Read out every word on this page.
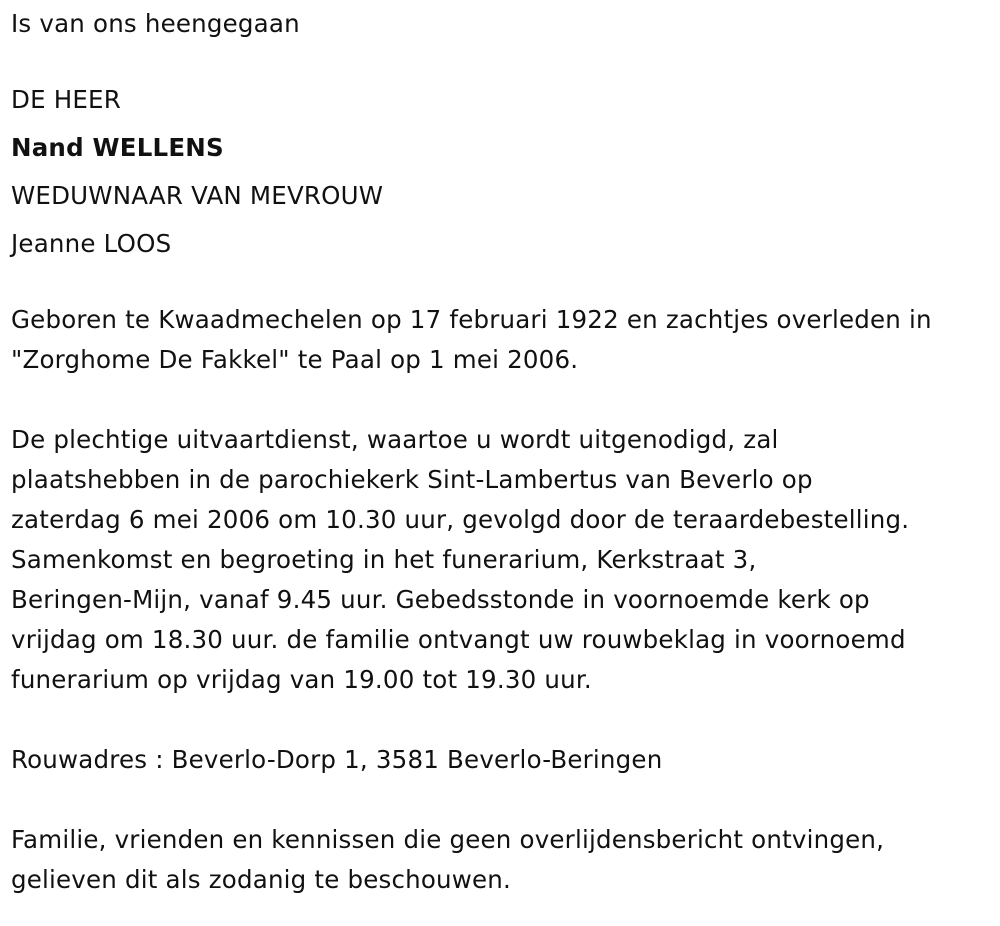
Is van ons heengegaan

DE HEER

Nand WELLENS

WEDUWNAAR VAN MEVROUW

Jeanne LOOS

Geboren te Kwaadmechelen op 17 februari 1922 en zachtjes overleden in

"Zorghome De Fakkel" te Paal op 1 mei 2006.

De plechtige uitvaartdienst, waartoe u wordt uitgenodigd, zal

plaatshebben in de parochiekerk Sint-Lambertus van Beverlo op

zaterdag 6 mei 2006 om 10.30 uur, gevolgd door de teraardebestelling.

Samenkomst en begroeting in het funerarium, Kerkstraat 3,

Beringen-Mijn, vanaf 9.45 uur. Gebedsstonde in voornoemde kerk op

vrijdag om 18.30 uur. de familie ontvangt uw rouwbeklag in voornoemd

funerarium op vrijdag van 19.00 tot 19.30 uur.

Rouwadres : Beverlo-Dorp 1, 3581 Beverlo-Beringen

Familie, vrienden en kennissen die geen overlijdensbericht ontvingen,

gelieven dit als zodanig te beschouwen.
